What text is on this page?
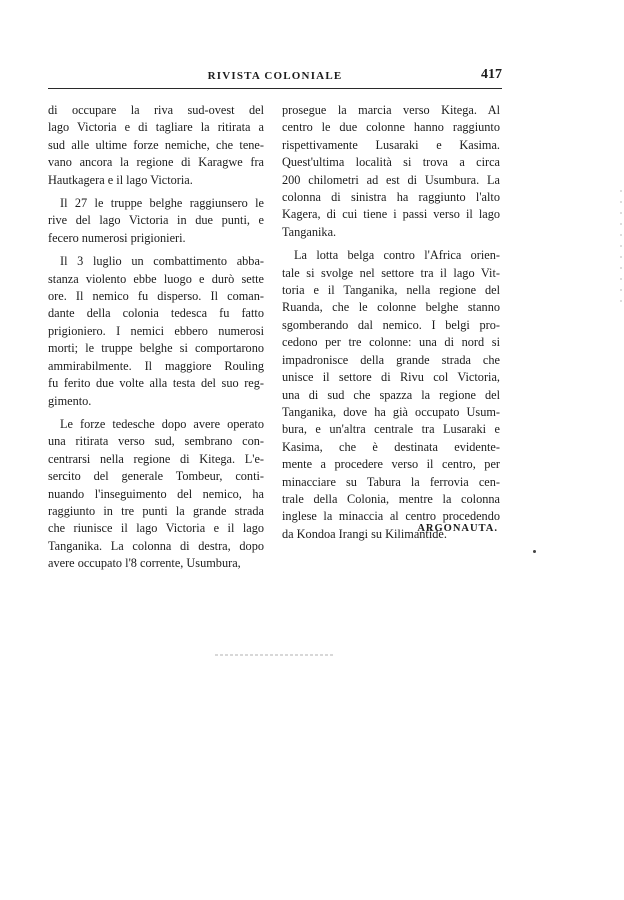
RIVISTA COLONIALE	417

di occupare la riva sud-ovest del
lago Victoria e di tagliare la ritirata a
sud alle ultime forze nemiche, che tene-
vano ancora la regione di Karagwe fra
Hautkagera e il lago Victoria.

Il 27 le truppe belghe raggiunsero le
rive del lago Victoria in due punti, e
fecero numerosi prigionieri.

Il 3 luglio un combattimento abba-
stanza violento ebbe luogo e durò sette
ore. Il nemico fu disperso. Il coman-
dante della colonia tedesca fu fatto
prigioniero. I nemici ebbero numerosi
morti; le truppe belghe si comportarono
ammirabilmente. Il maggiore Rouling
fu ferito due volte alla testa del suo reg-
gimento.

Le forze tedesche dopo avere operato
una ritirata verso sud, sembrano con-
centrarsi nella regione di Kitega. L'e-
sercito del generale Tombeur, conti-
nuando l'inseguimento del nemico, ha
raggiunto in tre punti la grande strada
che riunisce il lago Victoria e il lago
Tanganika. La colonna di destra, dopo
avere occupato l'8 corrente, Usumbura,

prosegue la marcia verso Kitega. Al
centro le due colonne hanno raggiunto
rispettivamente Lusaraki e Kasima.
Quest'ultima località si trova a circa
200 chilometri ad est di Usumbura. La
colonna di sinistra ha raggiunto l'alto
Kagera, di cui tiene i passi verso il lago
Tanganika.

La lotta belga contro l'Africa orien-
tale si svolge nel settore tra il lago Vit-
toria e il Tanganika, nella regione del
Ruanda, che le colonne belghe stanno
sgomberando dal nemico. I belgi pro-
cedono per tre colonne: una di nord si
impadronisce della grande strada che
unisce il settore di Rivu col Victoria,
una di sud che spazza la regione del
Tanganika, dove ha già occupato Usum-
bura, e un'altra centrale tra Lusaraki e
Kasima, che è destinata evidente-
mente a procedere verso il centro, per
minacciare su Tabura la ferrovia cen-
trale della Colonia, mentre la colonna
inglese la minaccia al centro procedendo
da Kondoa Irangi su Kilimantide.

ARGONAUTA.
